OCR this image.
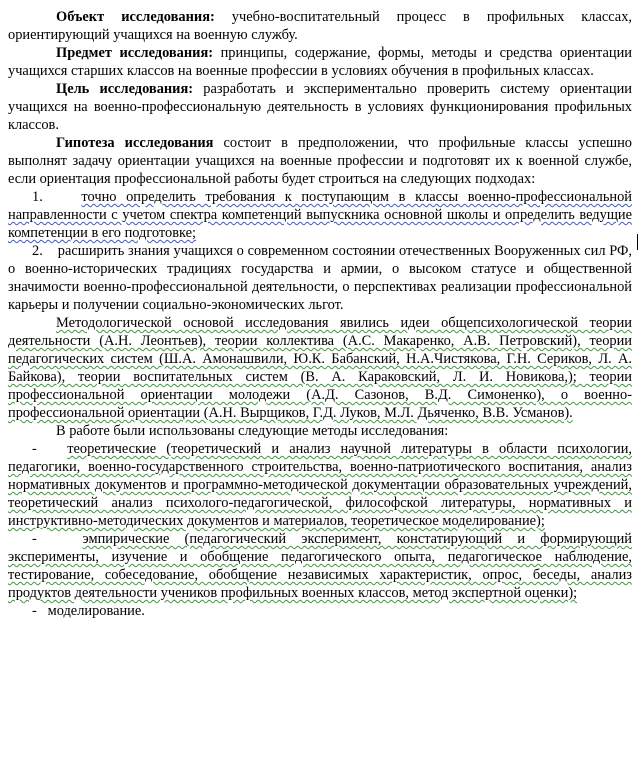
Объект исследования: учебно-воспитательный процесс в профильных классах, ориентирующий учащихся на военную службу.

Предмет исследования: принципы, содержание, формы, методы и средства ориентации учащихся старших классов на военные профессии в условиях обучения в профильных классах.

Цель исследования: разработать и экспериментально проверить систему ориентации учащихся на военно-профессиональную деятельность в условиях функционирования профильных классов.

Гипотеза исследования состоит в предположении, что профильные классы успешно выполнят задачу ориентации учащихся на военные профессии и подготовят их к военной службе, если ориентация профессиональной работы будет строиться на следующих подходах:

1.	точно определить требования к поступающим в классы военно-профессиональной направленности с учетом спектра компетенций выпускника основной школы и определить ведущие компетенции в его подготовке;
2. расширить знания учащихся о современном состоянии отечественных Вооруженных сил РФ, о военно-исторических традициях государства и армии, о высоком статусе и общественной значимости военно-профессиональной деятельности, о перспективах реализации профессиональной карьеры и получении социально-экономических льгот.

Методологической основой исследования явились идеи общепсихологической теории деятельности (А.Н. Леонтьев), теории коллектива (А.С. Макаренко, А.В. Петровский), теории педагогических систем (Ш.А. Амонашвили, Ю.К. Бабанский, Н.А.Чистякова, Г.Н. Сериков, Л. А. Байкова), теории воспитательных систем (В. А. Караковский, Л. И. Новикова,); теории профессиональной ориентации молодежи (А.Д. Сазонов, В.Д. Симоненко), о военно-профессиональной ориентации (А.Н. Вырщиков, Г.Д. Луков, М.Л. Дьяченко, В.В. Усманов).

В работе были использованы следующие методы исследования:

- теоретические (теоретический и анализ научной литературы в области психологии, педагогики, военно-государственного строительства, военно-патриотического воспитания, анализ нормативных документов и программно-методической документации образовательных учреждений, теоретический анализ психолого-педагогической, философской литературы, нормативных и инструктивно-методических документов и материалов, теоретическое моделирование);
-	эмпирические (педагогический эксперимент, констатирующий и формирующий эксперименты, изучение и обобщение педагогического опыта, педагогическое наблюдение, тестирование, собеседование, обобщение независимых характеристик, опрос, беседы, анализ продуктов деятельности учеников профильных военных классов, метод экспертной оценки);
- моделирование.
